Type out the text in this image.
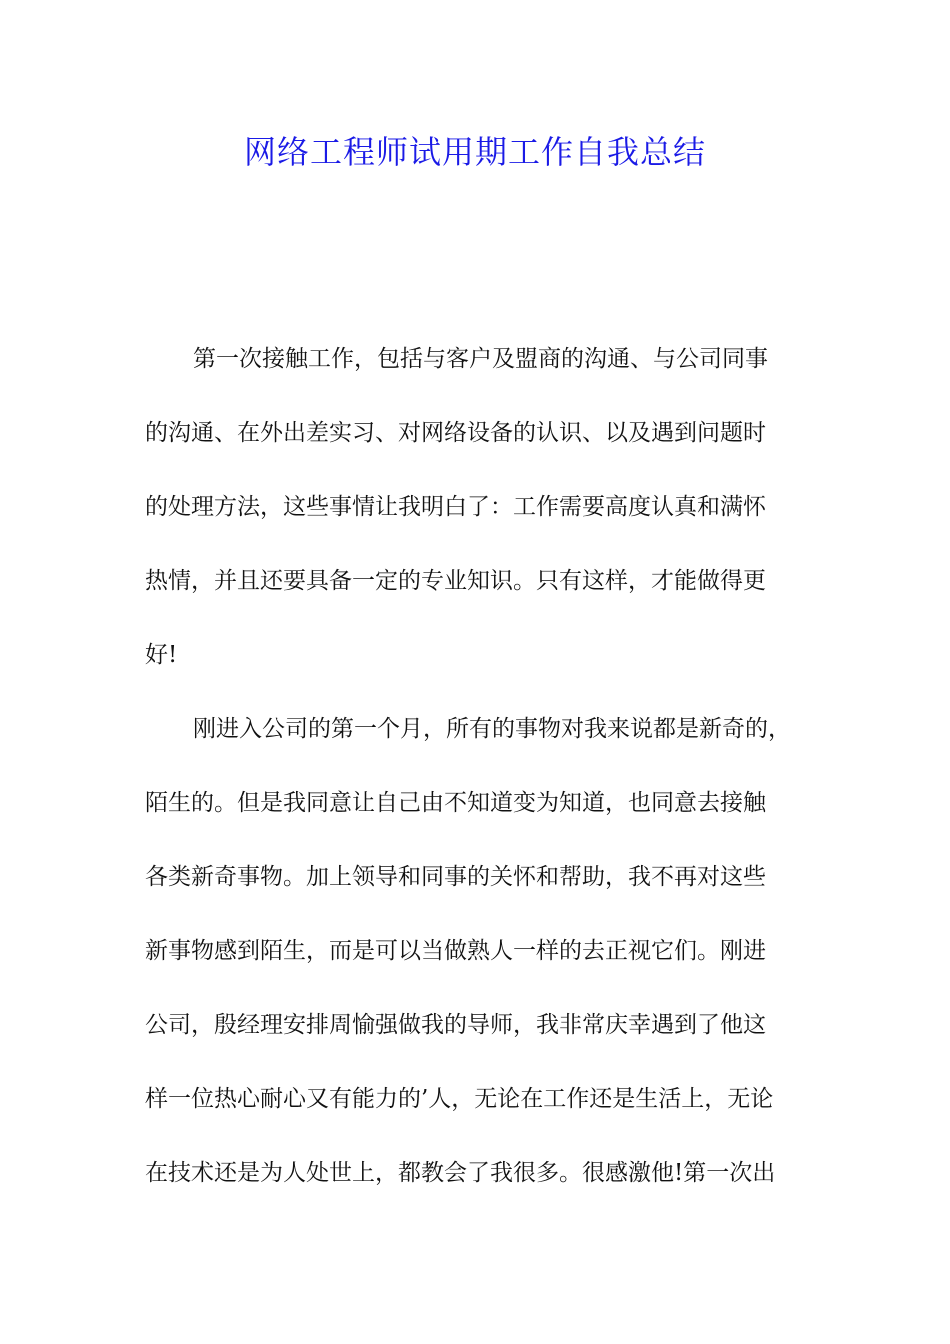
网络工程师试用期工作自我总结
第一次接触工作，包括与客户及盟商的沟通、与公司同事
的沟通、在外出差实习、对网络设备的认识、以及遇到问题时
的处理方法，这些事情让我明白了：工作需要高度认真和满怀
热情，并且还要具备一定的专业知识。只有这样，才能做得更
好!
刚进入公司的第一个月，所有的事物对我来说都是新奇的，
陌生的。但是我同意让自己由不知道变为知道，也同意去接触
各类新奇事物。加上领导和同事的关怀和帮助，我不再对这些
新事物感到陌生，而是可以当做熟人一样的去正视它们。刚进
公司，殷经理安排周愉强做我的导师，我非常庆幸遇到了他这
样一位热心耐心又有能力的’人，无论在工作还是生活上，无论
在技术还是为人处世上，都教会了我很多。很感激他!第一次出
